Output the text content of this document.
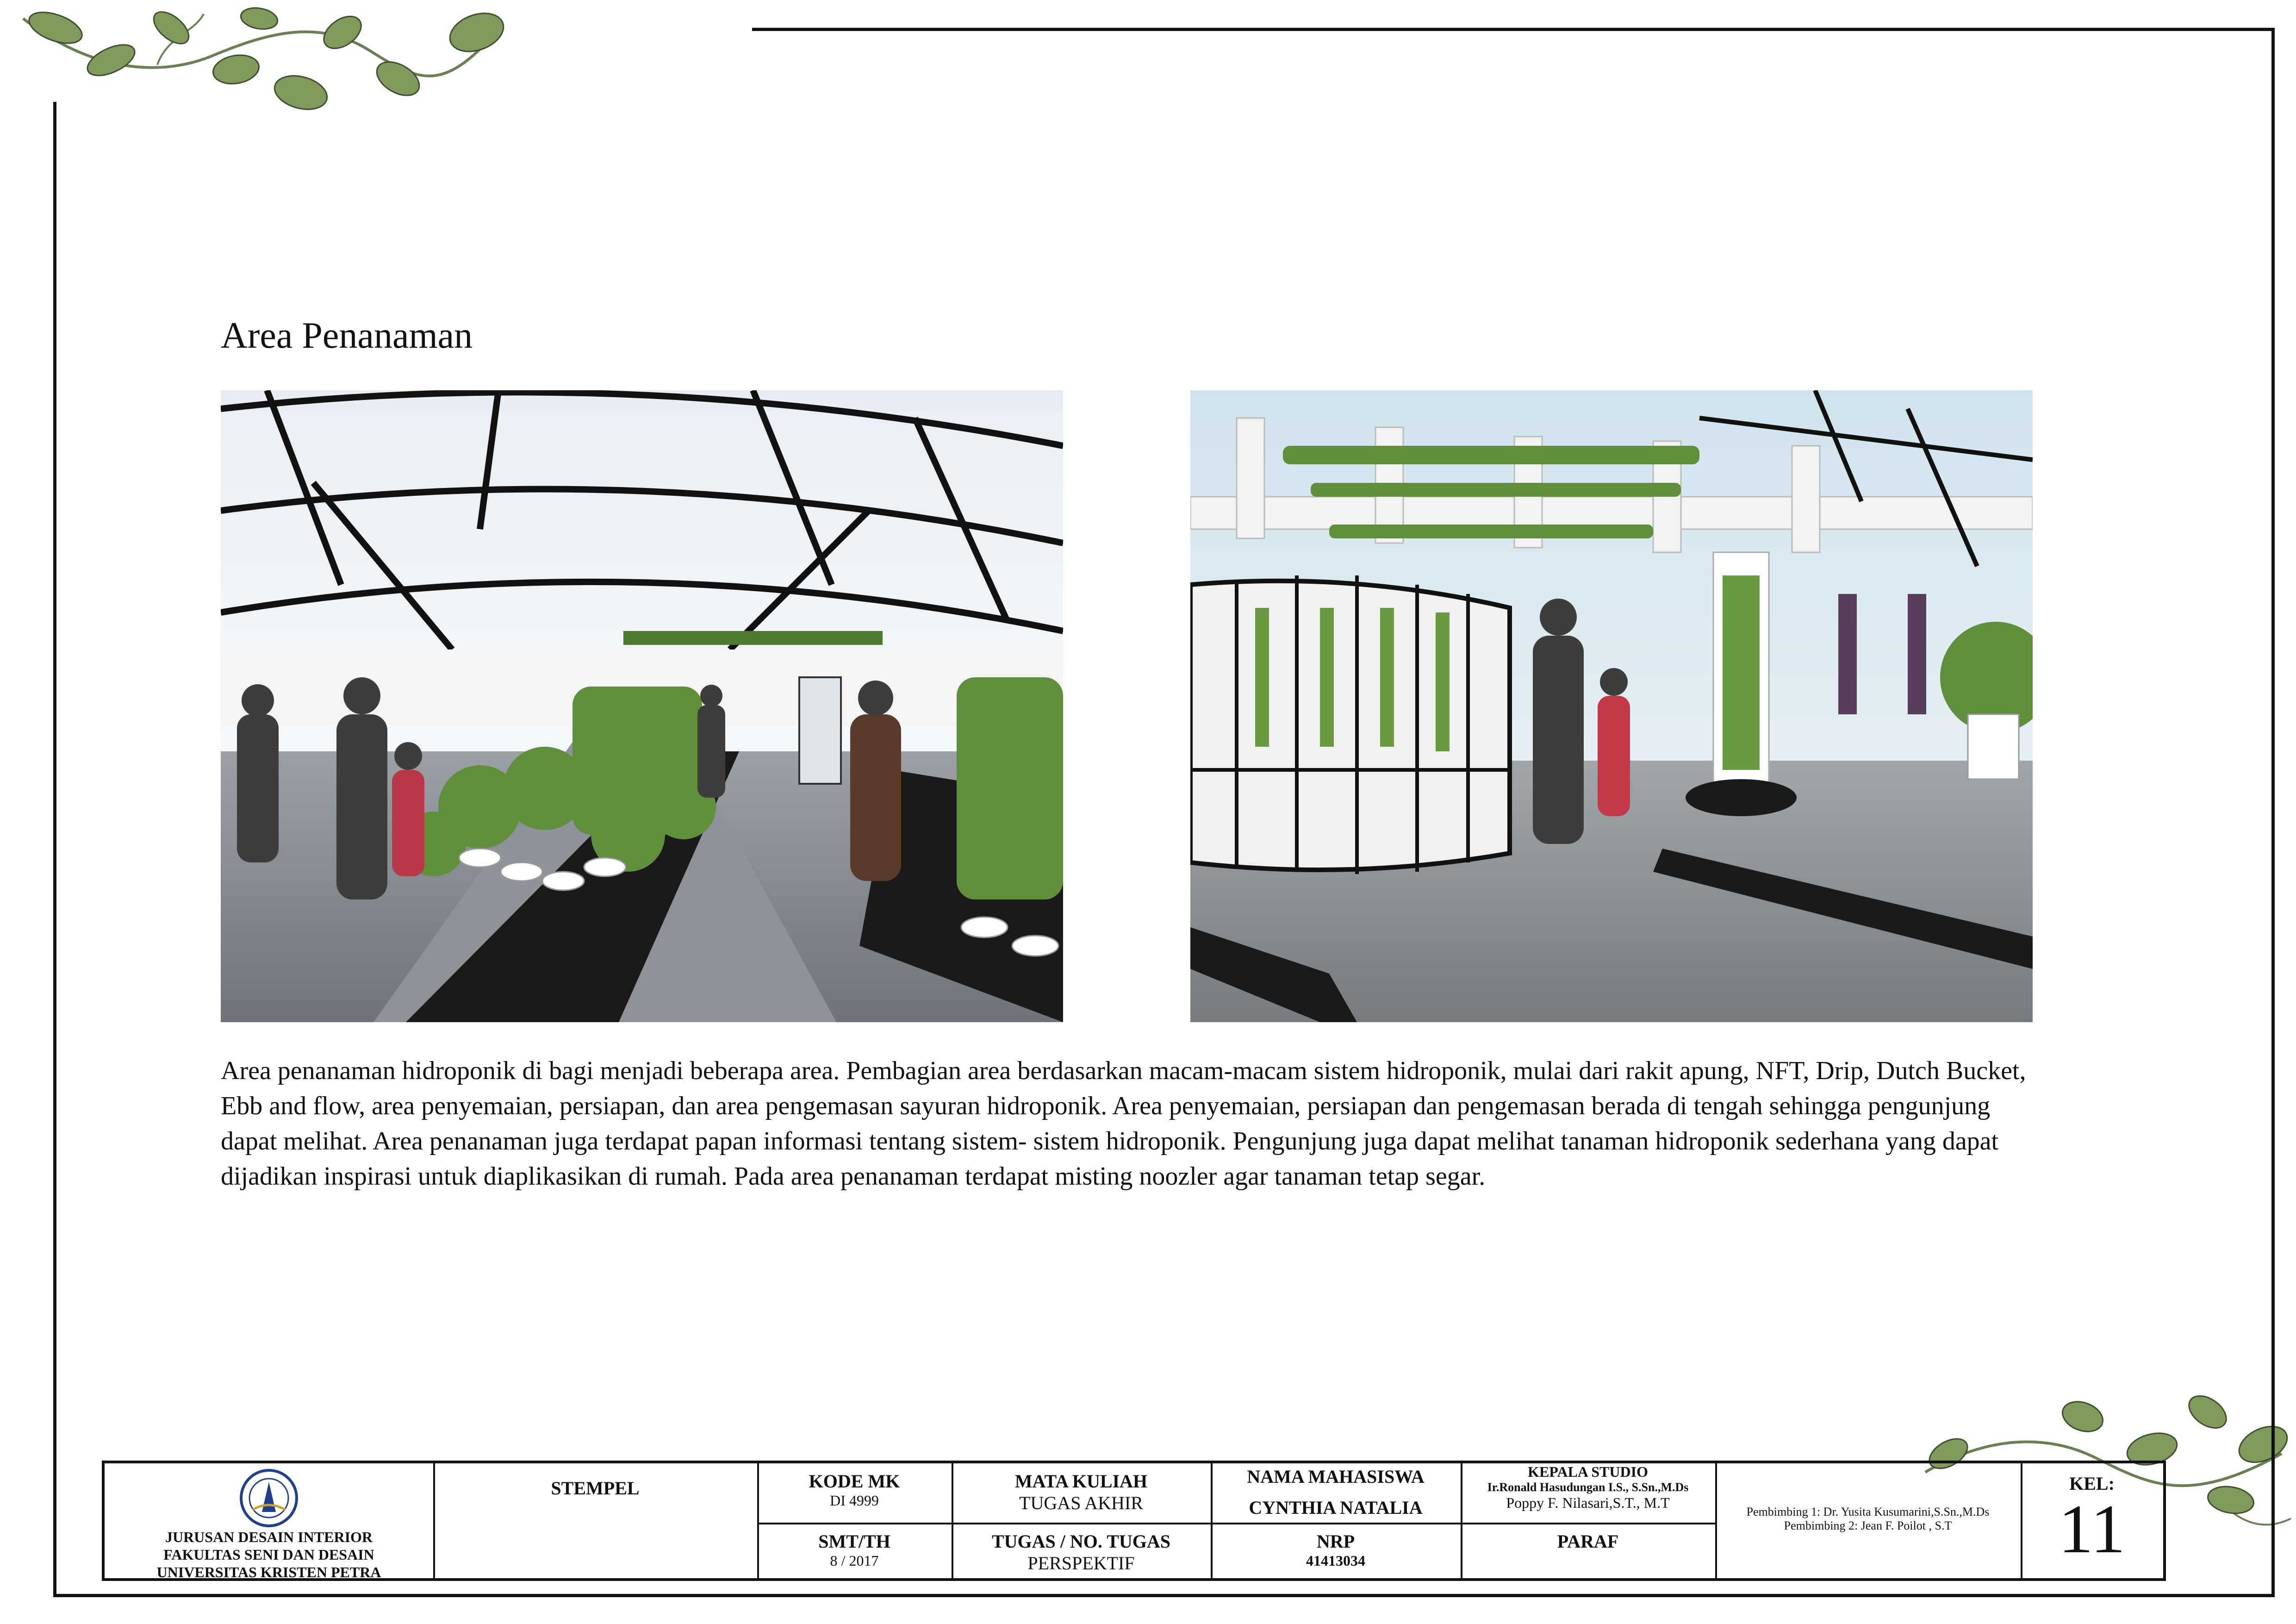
Area Penanaman
Area penanaman hidroponik di bagi menjadi beberapa area. Pembagian area berdasarkan macam-macam sistem hidroponik, mulai dari rakit apung, NFT, Drip, Dutch Bucket, Ebb and flow, area penyemaian, persiapan, dan area pengemasan sayuran hidroponik. Area penyemaian, persiapan dan pengemasan berada di tengah sehingga pengunjung dapat melihat. Area penanaman juga terdapat papan informasi tentang sistem- sistem hidroponik. Pengunjung juga dapat melihat tanaman hidroponik sederhana yang dapat dijadikan inspirasi untuk diaplikasikan di rumah. Pada area penanaman terdapat misting noozler agar tanaman tetap segar.
JURUSAN DESAIN INTERIOR
FAKULTAS SENI DAN DESAIN
UNIVERSITAS KRISTEN PETRA
STEMPEL	KODE MK
DI 4999
SMT/TH
8 / 2017
MATA KULIAH
TUGAS AKHIR
TUGAS / NO. TUGAS
PERSPEKTIF
NAMA MAHASISWA
CYNTHIA NATALIA
NRP
41413034
KEPALA STUDIO
Ir.Ronald Hasudungan I.S., S.Sn.,M.Ds
Poppy F. Nilasari,S.T., M.T
PARAF
Pembimbing 1: Dr. Yusita Kusumarini,S.Sn.,M.Ds
Pembimbing 2: Jean F. Poilot , S.T
KEL:
11
